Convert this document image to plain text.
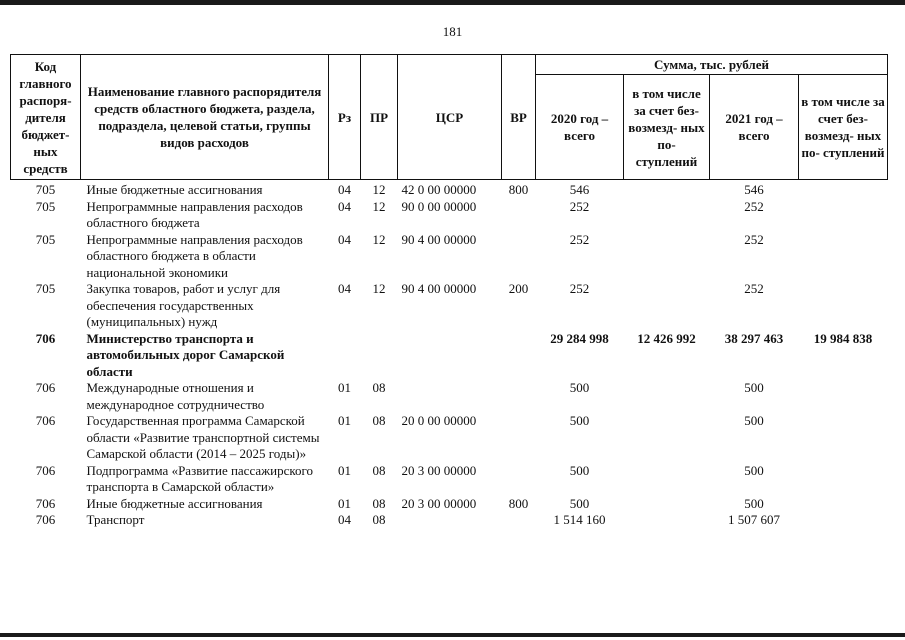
181
Код главного распоря- дителя бюджет- ных средств	Наименование главного распорядителя средств областного бюджета, раздела, подраздела, целевой статьи, группы видов расходов	Рз	ПР	ЦСР	ВР	Сумма, тыс. рублей			
						2020 год – всего	в том числе за счет без- возмезд- ных по- ступлений	2021 год – всего	в том числе за счет без- возмезд- ных по- ступлений
705	Иные бюджетные ассигнования	04	12	42 0 00 00000	800	546		546	
705	Непрограммные направления расходов областного бюджета	04	12	90 0 00 00000		252		252	
705	Непрограммные направления расходов областного бюджета в области национальной экономики	04	12	90 4 00 00000		252		252	
705	Закупка товаров, работ и услуг для обеспечения государственных (муниципальных) нужд	04	12	90 4 00 00000	200	252		252	
706	Министерство транспорта и автомобильных дорог Самарской области					29 284 998	12 426 992	38 297 463	19 984 838
706	Международные отношения и международное сотрудничество	01	08			500		500	
706	Государственная программа Самарской области «Развитие транспортной системы Самарской области (2014 – 2025 годы)»	01	08	20 0 00 00000		500		500	
706	Подпрограмма «Развитие пассажирского транспорта в Самарской области»	01	08	20 3 00 00000		500		500	
706	Иные бюджетные ассигнования	01	08	20 3 00 00000	800	500		500	
706	Транспорт	04	08			1 514 160		1 507 607	
